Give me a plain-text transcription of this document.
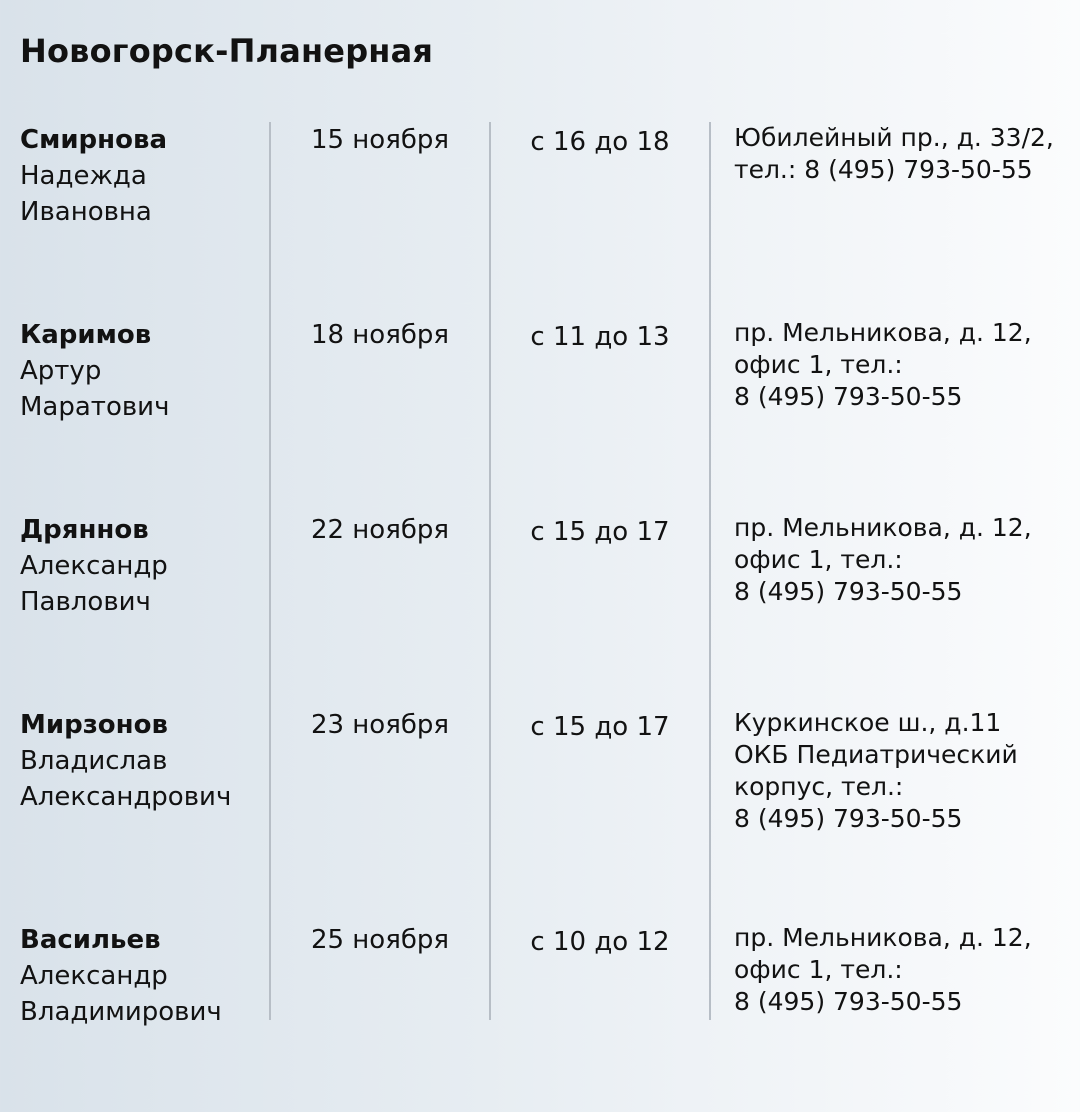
Новогорск-Планерная
Смирнова
Надежда
Ивановна
15 ноября	с 16 до 18	Юбилейный пр., д. 33/2,
тел.: 8 (495) 793-50-55
Каримов
Артур
Маратович
18 ноября	с 11 до 13	пр. Мельникова, д. 12,
офис 1, тел.:
8 (495) 793-50-55
Дряннов
Александр
Павлович
22 ноября	с 15 до 17	пр. Мельникова, д. 12,
офис 1, тел.:
8 (495) 793-50-55
Мирзонов
Владислав
Александрович
23 ноября	с 15 до 17	Куркинское ш., д.11
ОКБ Педиатрический
корпус, тел.:
8 (495) 793-50-55
Васильев
Александр
Владимирович
25 ноября	с 10 до 12	пр. Мельникова, д. 12,
офис 1, тел.:
8 (495) 793-50-55
